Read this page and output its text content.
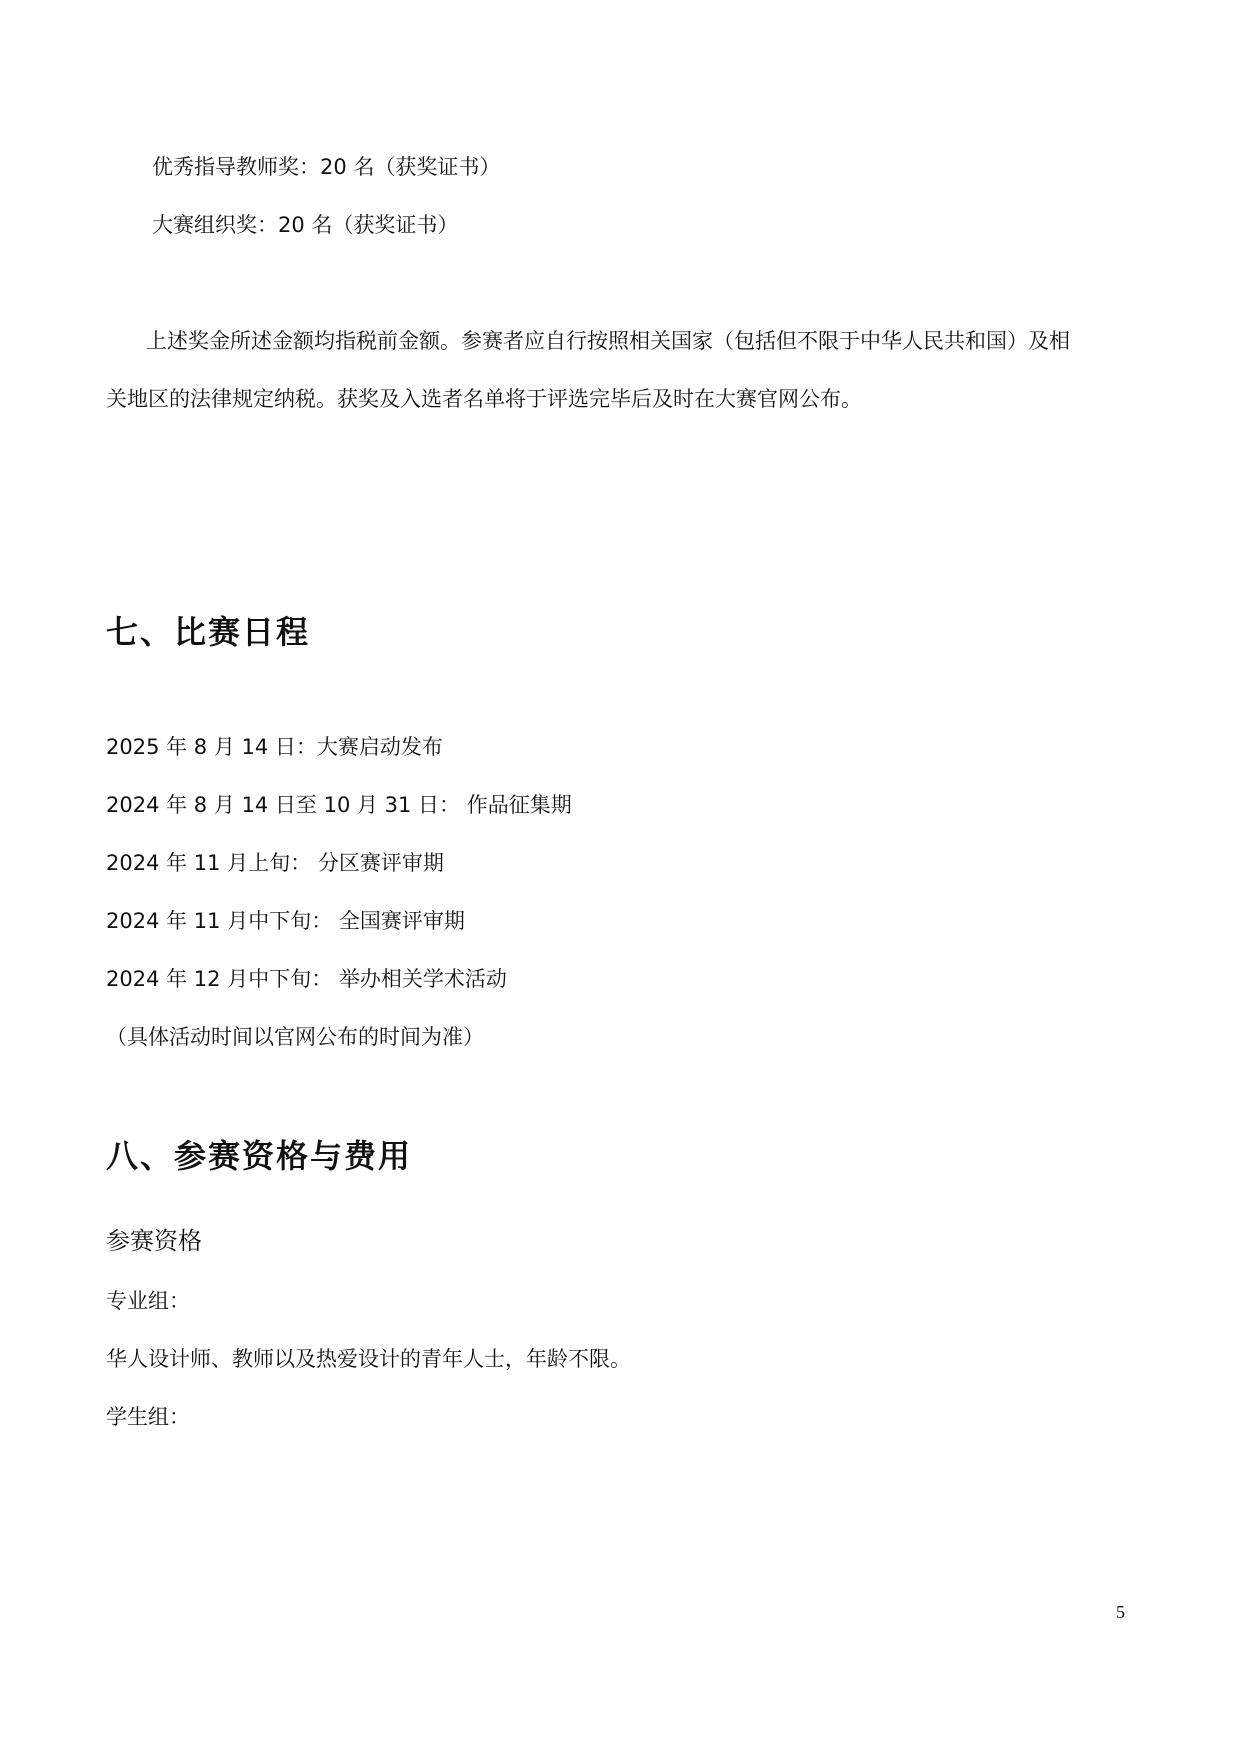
优秀指导教师奖：20 名（获奖证书）
大赛组织奖：20 名（获奖证书）
上述奖金所述金额均指税前金额。参赛者应自行按照相关国家（包括但不限于中华人民共和国）及相
关地区的法律规定纳税。获奖及入选者名单将于评选完毕后及时在大赛官网公布。
七、比赛日程
2025 年 8 月 14 日：大赛启动发布
2024 年 8 月 14 日至 10 月 31 日： 作品征集期
2024 年 11 月上旬： 分区赛评审期
2024 年 11 月中下旬： 全国赛评审期
2024 年 12 月中下旬： 举办相关学术活动
（具体活动时间以官网公布的时间为准）
八、参赛资格与费用
参赛资格
专业组：
华人设计师、教师以及热爱设计的青年人士，年龄不限。
学生组：
5
